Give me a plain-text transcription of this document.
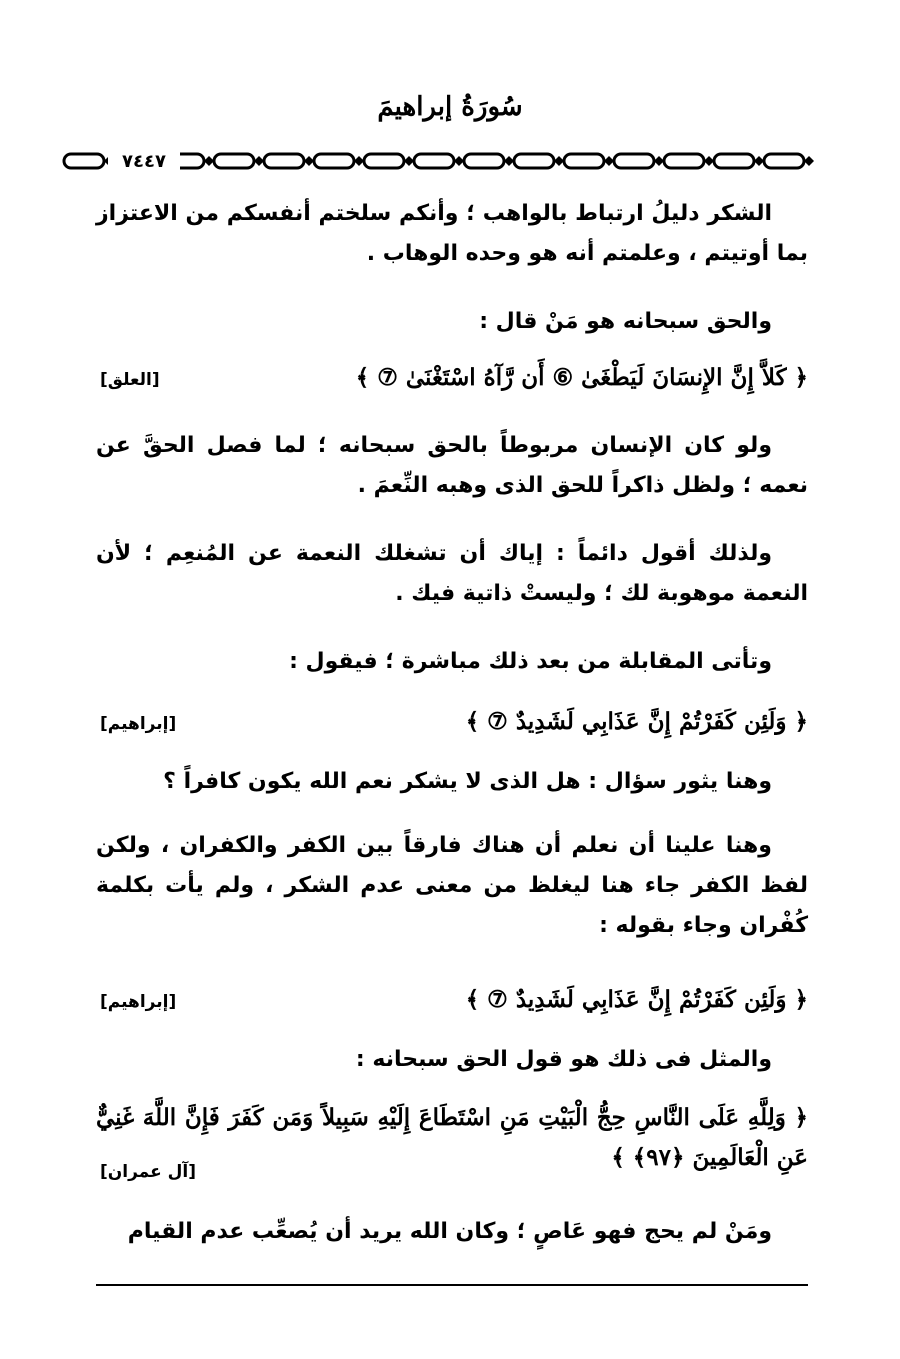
سُورَةُ إبراهيمَ
٧٤٤٧
الشكر دليلُ ارتباط بالواهب ؛ وأنكم سلختم أنفسكم من الاعتزاز بما أوتيتم ، وعلمتم أنه هو وحده الوهاب .
والحق سبحانه هو مَنْ قال :
﴿ كَلاَّ إِنَّ الإِنسَانَ لَيَطْغَىٰ ⑥ أَن رَّآهُ اسْتَغْنَىٰ ⑦ ﴾
[العلق]
ولو كان الإنسان مربوطاً بالحق سبحانه ؛ لما فصل الحقَّ عن نعمه ؛ ولظل ذاكراً للحق الذى وهبه النِّعمَ .
ولذلك أقول دائماً : إياك أن تشغلك النعمة عن المُنعِم ؛ لأن النعمة موهوبة لك ؛ وليستْ ذاتية فيك .
وتأتى المقابلة من بعد ذلك مباشرة ؛ فيقول :
﴿ وَلَئِن كَفَرْتُمْ إِنَّ عَذَابِي لَشَدِيدٌ ⑦ ﴾
[إبراهيم]
وهنا يثور سؤال : هل الذى لا يشكر نعم الله يكون كافراً ؟
وهنا علينا أن نعلم أن هناك فارقاً بين الكفر والكفران ، ولكن لفظ الكفر جاء هنا ليغلظ من معنى عدم الشكر ، ولم يأت بكلمة كُفْران وجاء بقوله :
﴿ وَلَئِن كَفَرْتُمْ إِنَّ عَذَابِي لَشَدِيدٌ ⑦ ﴾
[إبراهيم]
والمثل فى ذلك هو قول الحق سبحانه :
﴿ وَلِلَّهِ عَلَى النَّاسِ حِجُّ الْبَيْتِ مَنِ اسْتَطَاعَ إِلَيْهِ سَبِيلاً وَمَن كَفَرَ فَإِنَّ اللَّهَ غَنِيٌّ عَنِ الْعَالَمِينَ ﴿٩٧﴾ ﴾
[آل عمران]
ومَنْ لم يحج فهو عَاصٍ ؛ وكان الله يريد أن يُصعِّب عدم القيام
